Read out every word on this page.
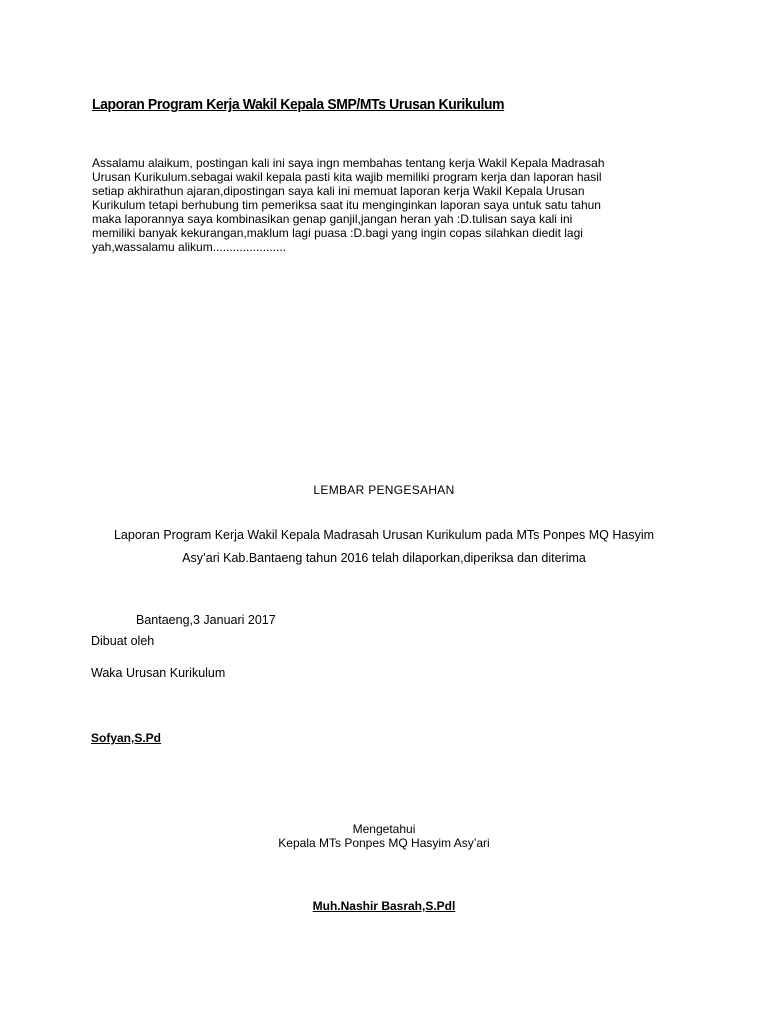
Laporan Program Kerja Wakil Kepala SMP/MTs Urusan Kurikulum

Assalamu alaikum, postingan kali ini saya ingn membahas tentang kerja Wakil Kepala Madrasah
Urusan Kurikulum.sebagai wakil kepala pasti kita wajib memiliki program kerja dan laporan hasil
setiap akhirathun ajaran,dipostingan saya kali ini memuat laporan kerja Wakil Kepala Urusan
Kurikulum tetapi berhubung tim pemeriksa saat itu menginginkan laporan saya untuk satu tahun
maka laporannya saya kombinasikan genap ganjil,jangan heran yah :D.tulisan saya kali ini
memiliki banyak kekurangan,maklum lagi puasa :D.bagi yang ingin copas silahkan diedit lagi
yah,wassalamu alikum......................

LEMBAR PENGESAHAN
Laporan Program Kerja Wakil Kepala Madrasah Urusan Kurikulum pada MTs Ponpes MQ Hasyim
Asy’ari Kab.Bantaeng tahun 2016 telah dilaporkan,diperiksa dan diterima
Bantaeng,3 Januari 2017
Dibuat oleh
Waka Urusan Kurikulum
Sofyan,S.Pd
Mengetahui
Kepala MTs Ponpes MQ Hasyim Asy’ari
Muh.Nashir Basrah,S.Pdl
